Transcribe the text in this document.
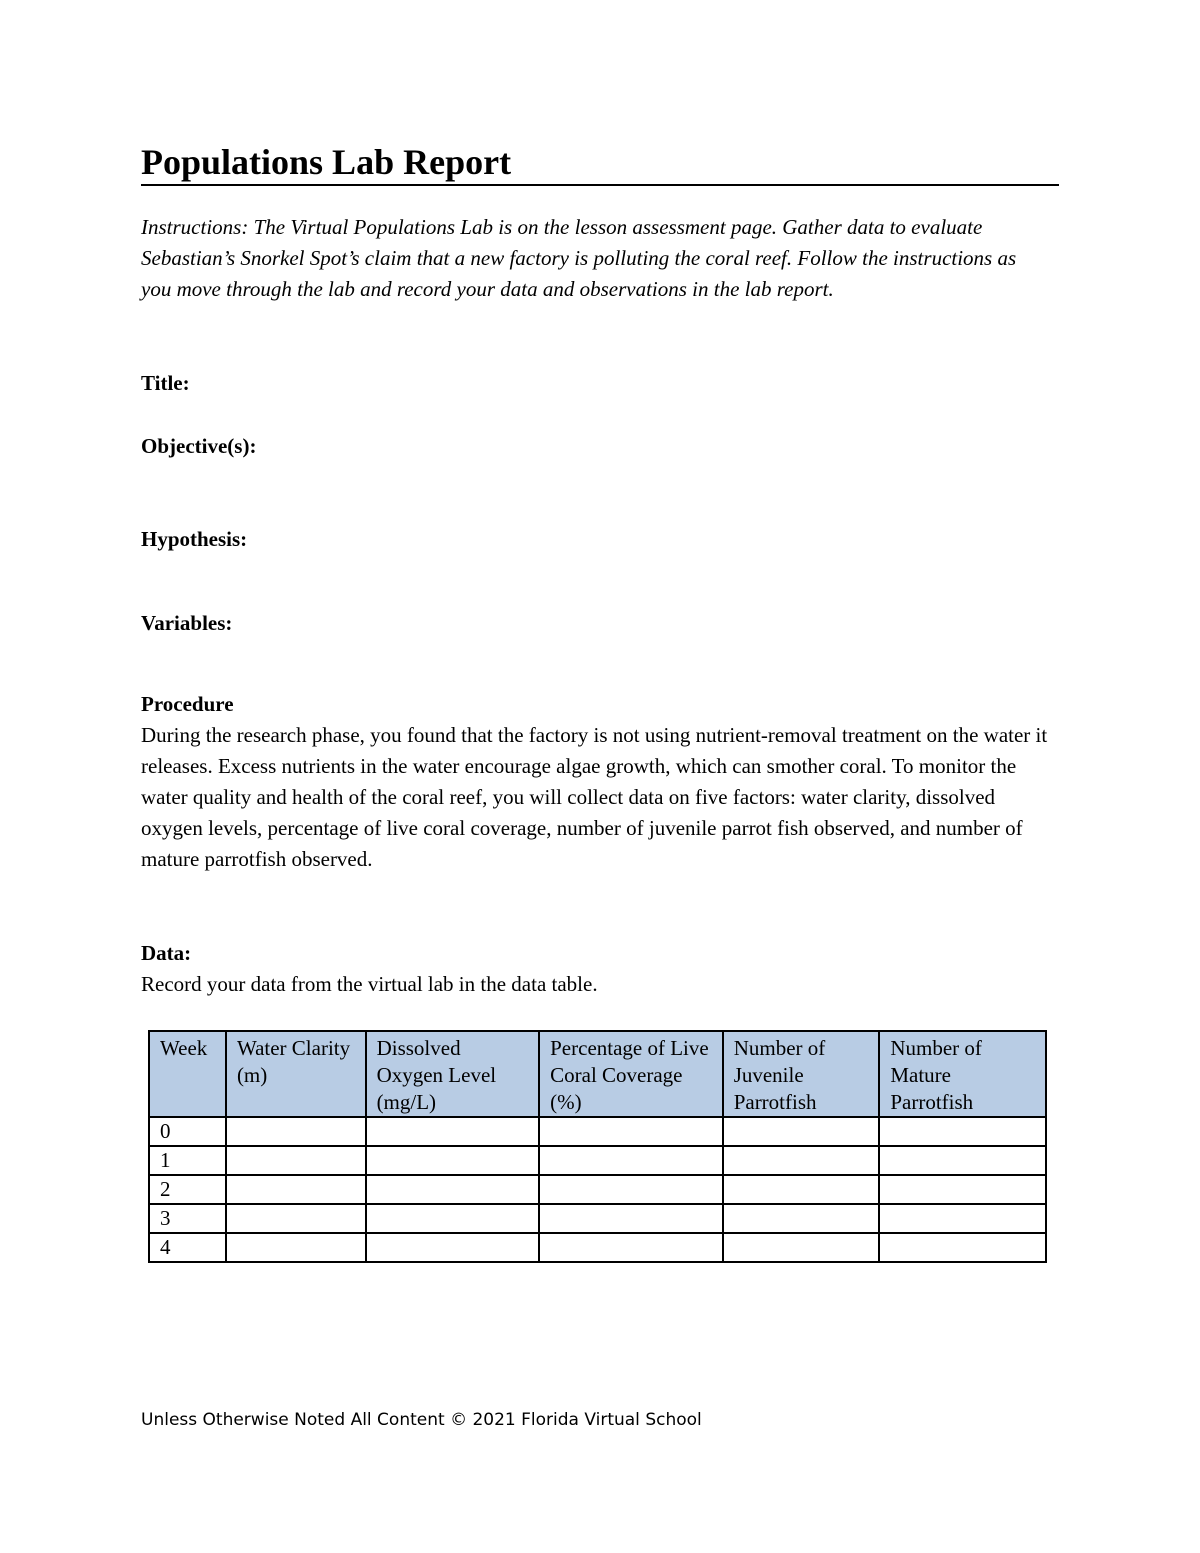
Populations Lab Report
Instructions: The Virtual Populations Lab is on the lesson assessment page. Gather data to evaluate Sebastian’s Snorkel Spot’s claim that a new factory is polluting the coral reef. Follow the instructions as you move through the lab and record your data and observations in the lab report.
Title:
Objective(s):
Hypothesis:
Variables:
Procedure
During the research phase, you found that the factory is not using nutrient-removal treatment on the water it releases. Excess nutrients in the water encourage algae growth, which can smother coral. To monitor the water quality and health of the coral reef, you will collect data on five factors: water clarity, dissolved oxygen levels, percentage of live coral coverage, number of juvenile parrot fish observed, and number of mature parrotfish observed.
Data:
Record your data from the virtual lab in the data table.
Week	Water Clarity (m)	Dissolved Oxygen Level (mg/L)	Percentage of Live Coral Coverage (%)	Number of Juvenile Parrotfish	Number of Mature Parrotfish
0					
1					
2					
3					
4					
Unless Otherwise Noted All Content © 2021 Florida Virtual School
